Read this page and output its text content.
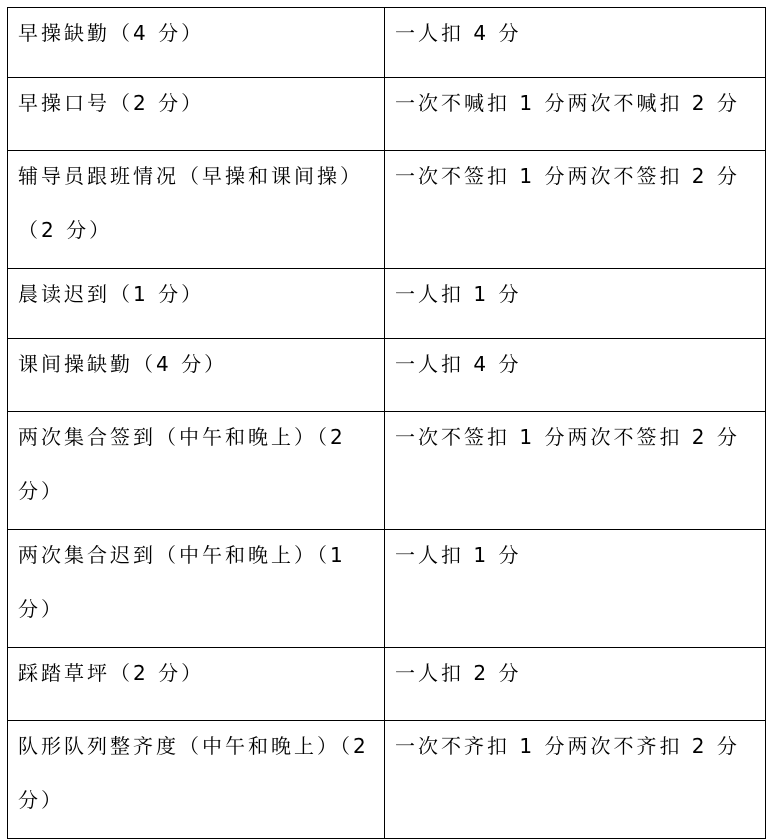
早操缺勤（4 分）	一人扣 4 分

早操口号（2 分）	一次不喊扣 1 分两次不喊扣 2 分

辅导员跟班情况（早操和课间操）（2 分）	一次不签扣 1 分两次不签扣 2 分

晨读迟到（1 分）	一人扣 1 分

课间操缺勤（4 分）	一人扣 4 分

两次集合签到（中午和晚上）（2 分）	一次不签扣 1 分两次不签扣 2 分

两次集合迟到（中午和晚上）（1 分）	一人扣 1 分

踩踏草坪（2 分）	一人扣 2 分

队形队列整齐度（中午和晚上）（2 分）	一次不齐扣 1 分两次不齐扣 2 分
